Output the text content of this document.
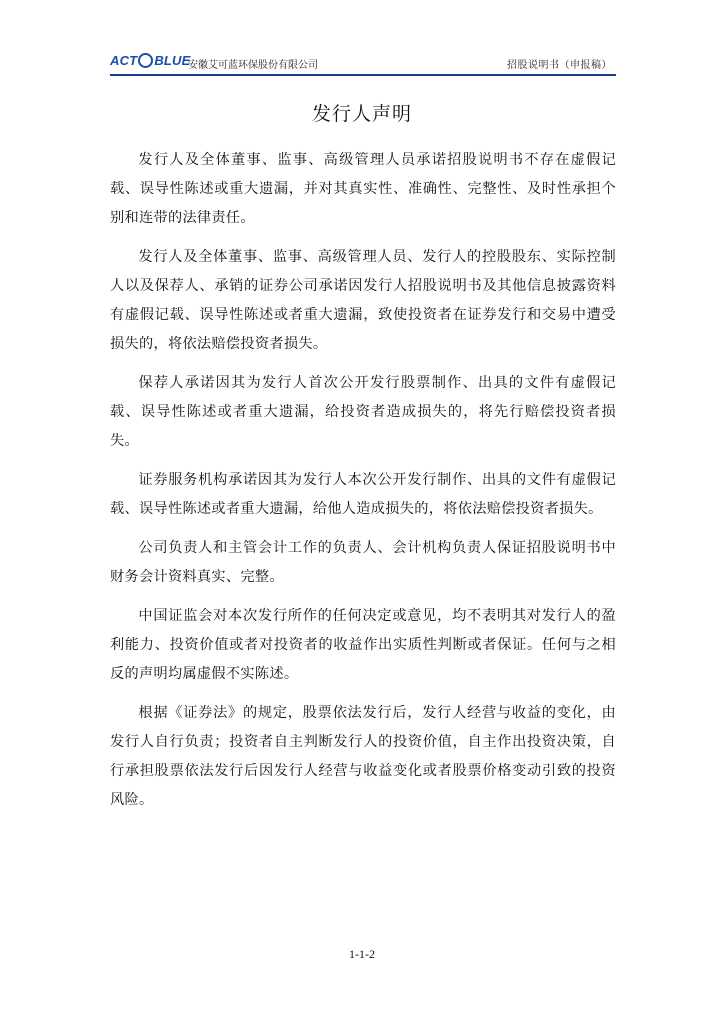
ACT BLUE
安徽艾可蓝环保股份有限公司	招股说明书（申报稿）
发行人声明

发行人及全体董事、监事、高级管理人员承诺招股说明书不存在虚假记载、误导性陈述或重大遗漏，并对其真实性、准确性、完整性、及时性承担个别和连带的法律责任。

发行人及全体董事、监事、高级管理人员、发行人的控股股东、实际控制人以及保荐人、承销的证券公司承诺因发行人招股说明书及其他信息披露资料有虚假记载、误导性陈述或者重大遗漏，致使投资者在证券发行和交易中遭受损失的，将依法赔偿投资者损失。

保荐人承诺因其为发行人首次公开发行股票制作、出具的文件有虚假记载、误导性陈述或者重大遗漏，给投资者造成损失的，将先行赔偿投资者损失。

证券服务机构承诺因其为发行人本次公开发行制作、出具的文件有虚假记载、误导性陈述或者重大遗漏，给他人造成损失的，将依法赔偿投资者损失。

公司负责人和主管会计工作的负责人、会计机构负责人保证招股说明书中财务会计资料真实、完整。

中国证监会对本次发行所作的任何决定或意见，均不表明其对发行人的盈利能力、投资价值或者对投资者的收益作出实质性判断或者保证。任何与之相反的声明均属虚假不实陈述。

根据《证券法》的规定，股票依法发行后，发行人经营与收益的变化，由发行人自行负责；投资者自主判断发行人的投资价值，自主作出投资决策，自行承担股票依法发行后因发行人经营与收益变化或者股票价格变动引致的投资风险。

1-1-2
